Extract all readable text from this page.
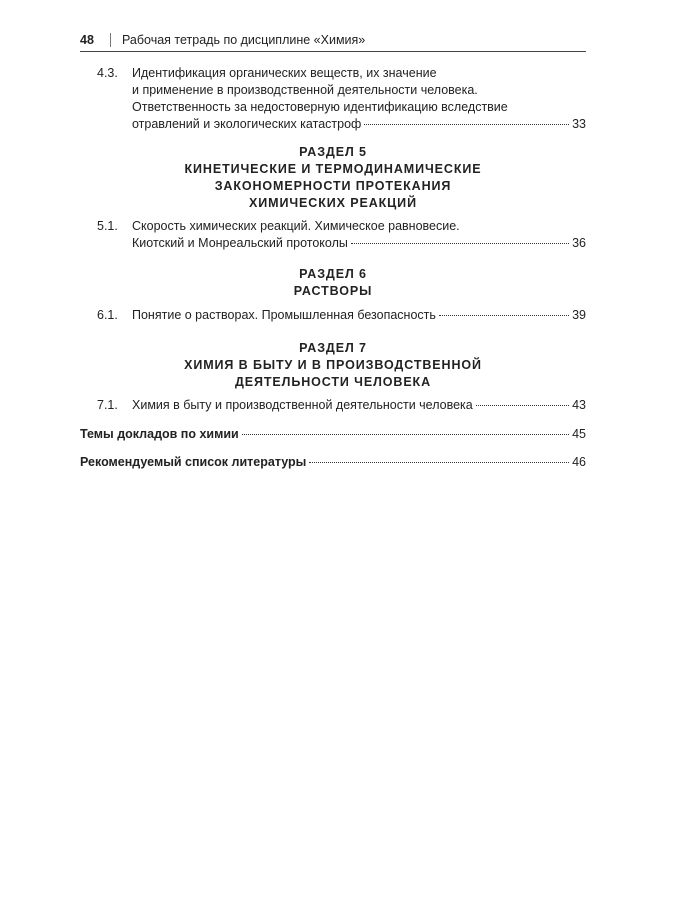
48 Рабочая тетрадь по дисциплине «Химия»
4.3. Идентификация органических веществ, их значение
и применение в производственной деятельности человека.
Ответственность за недостоверную идентификацию вследствие
отравлений и экологических катастроф	33
РАЗДЕЛ 5
КИНЕТИЧЕСКИЕ И ТЕРМОДИНАМИЧЕСКИЕ
ЗАКОНОМЕРНОСТИ ПРОТЕКАНИЯ
ХИМИЧЕСКИХ РЕАКЦИЙ
5.1. Скорость химических реакций. Химическое равновесие.
Киотский и Монреальский протоколы	36
РАЗДЕЛ 6
РАСТВОРЫ
6.1. Понятие о растворах. Промышленная безопасность	39
РАЗДЕЛ 7
ХИМИЯ В БЫТУ И В ПРОИЗВОДСТВЕННОЙ
ДЕЯТЕЛЬНОСТИ ЧЕЛОВЕКА
7.1. Химия в быту и производственной деятельности человека	43
Темы докладов по химии	45
Рекомендуемый список литературы	46
